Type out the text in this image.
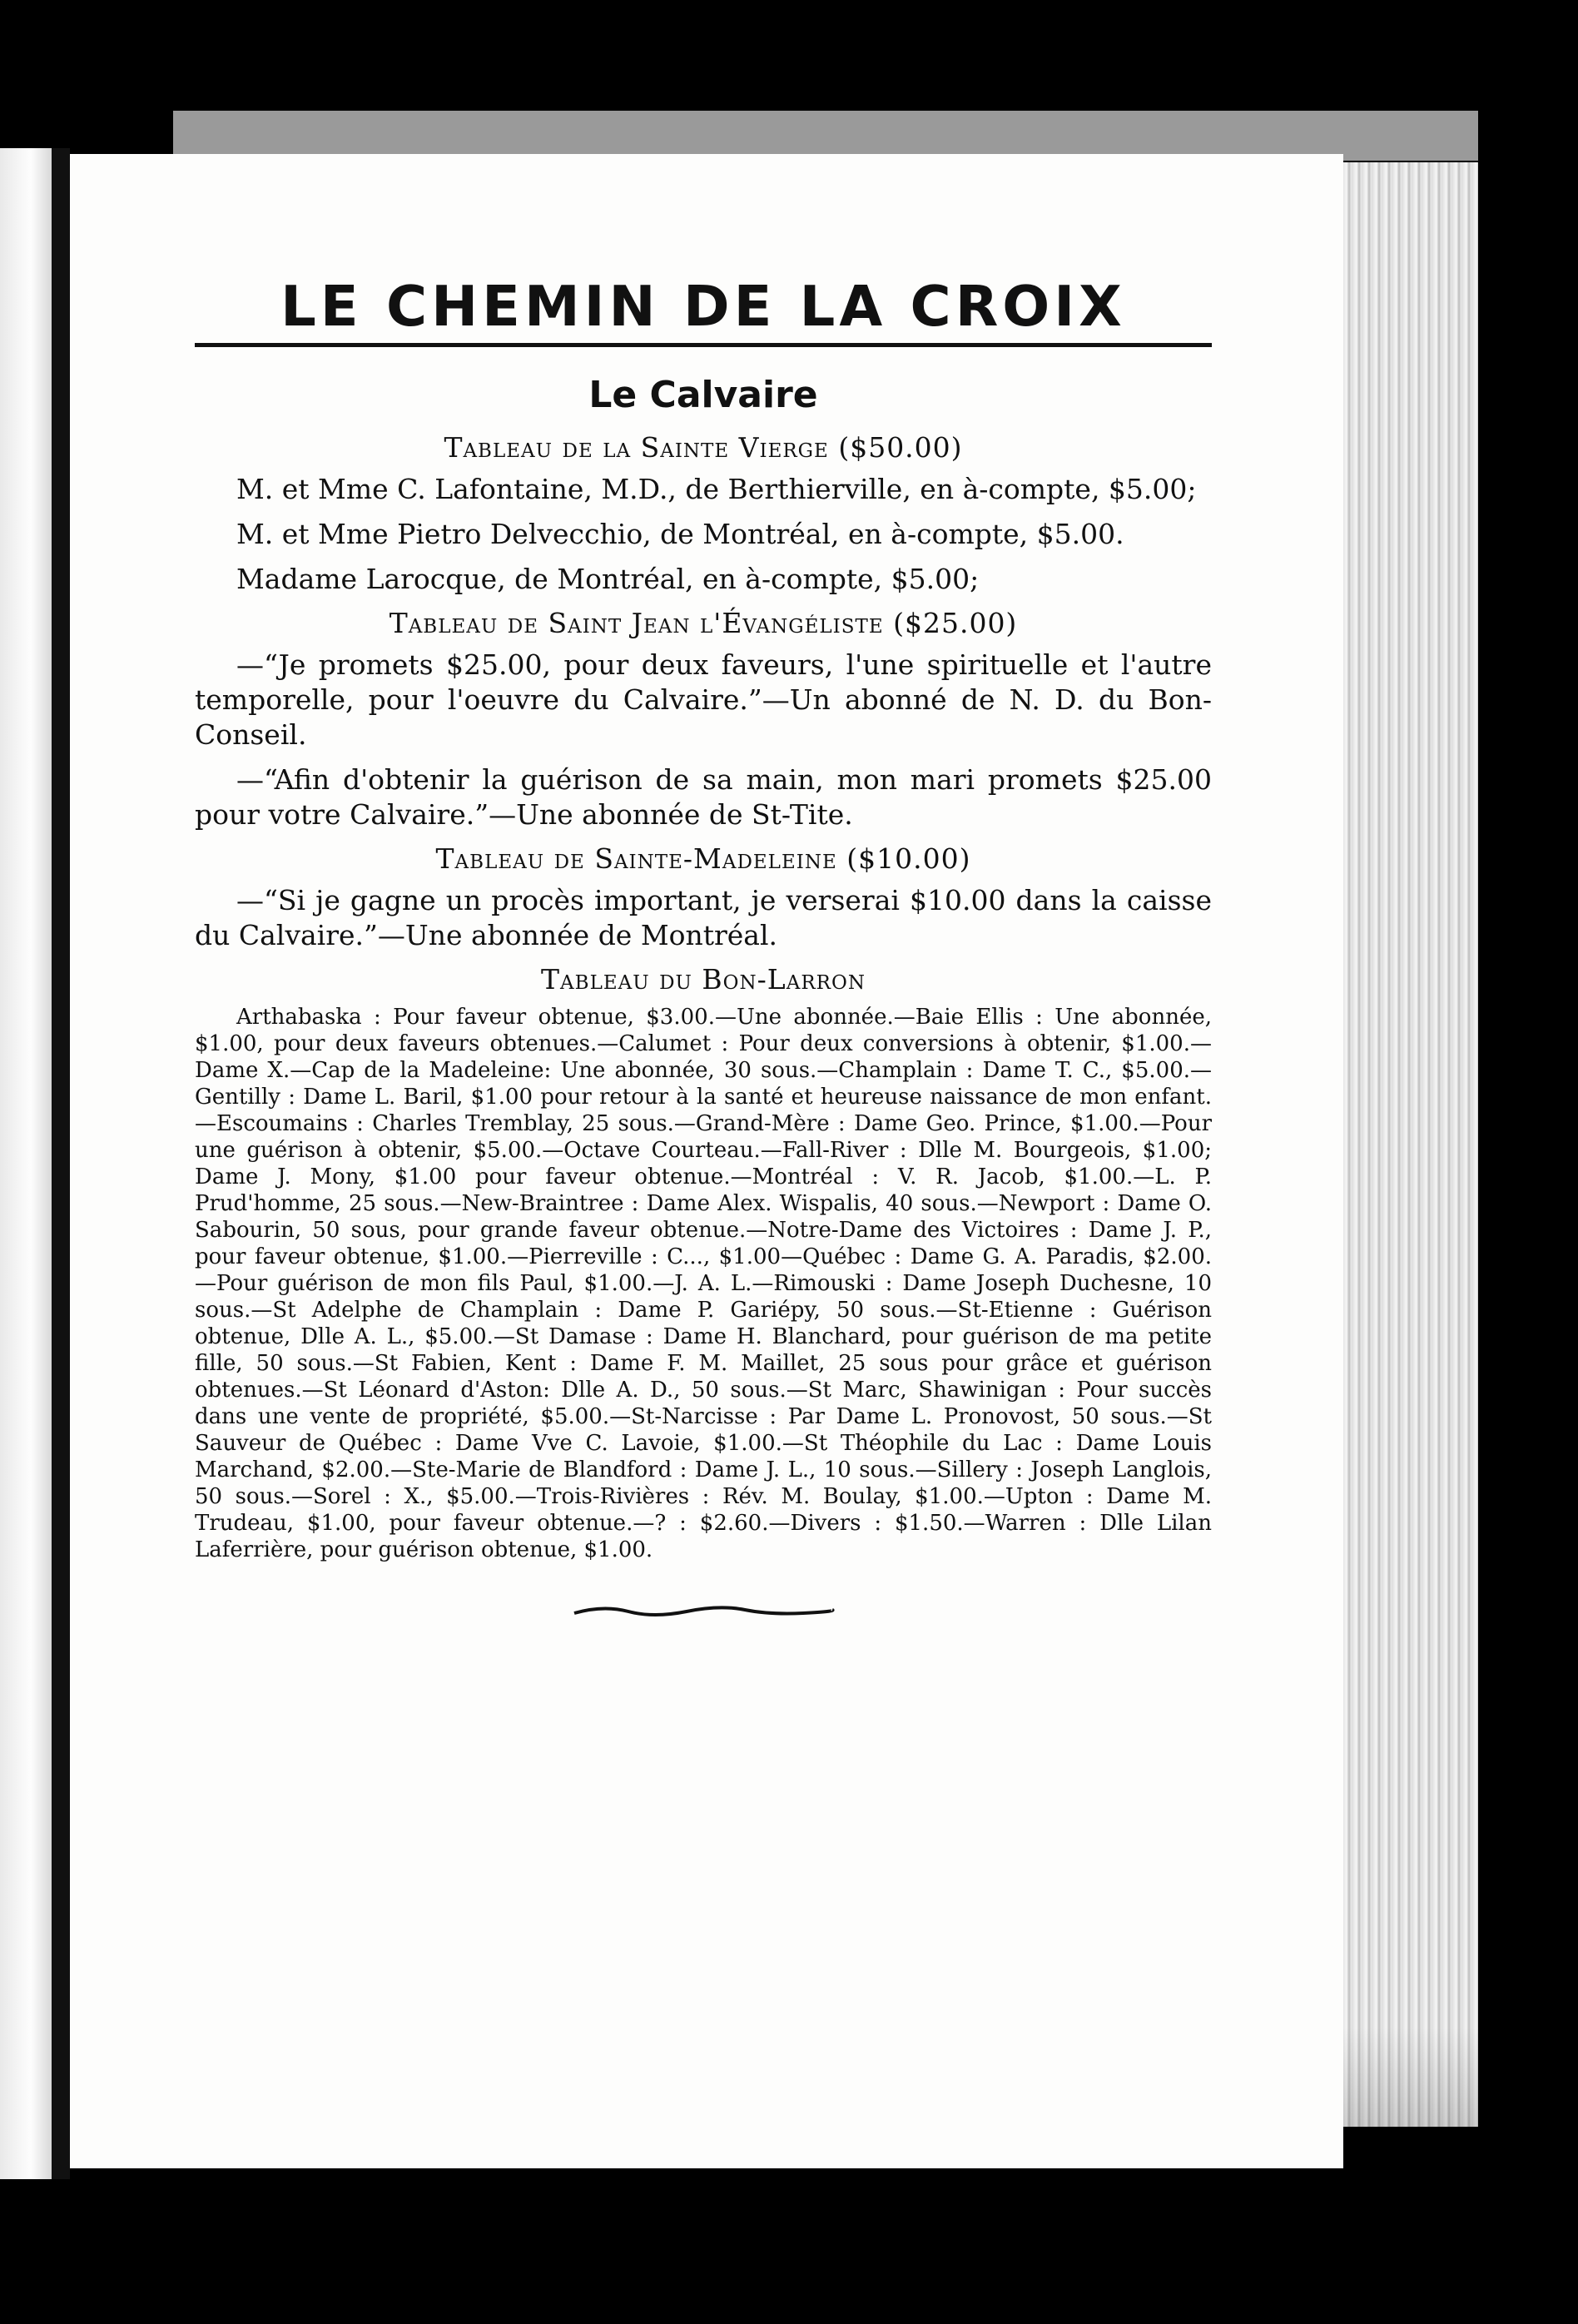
LE CHEMIN DE LA CROIX
Le Calvaire
Tableau de la Sainte Vierge ($50.00)

M. et Mme C. Lafontaine, M.D., de Berthierville, en à-compte, $5.00;

M. et Mme Pietro Delvecchio, de Montréal, en à-compte, $5.00.

Madame Larocque, de Montréal, en à-compte, $5.00;

Tableau de Saint Jean l'Évangéliste ($25.00)

—“Je promets $25.00, pour deux faveurs, l'une spirituelle et l'autre temporelle, pour l'oeuvre du Calvaire.”—Un abonné de N. D. du Bon-Conseil.

—“Afin d'obtenir la guérison de sa main, mon mari promets $25.00 pour votre Calvaire.”—Une abonnée de St-Tite.

Tableau de Sainte-Madeleine ($10.00)

—“Si je gagne un procès important, je verserai $10.00 dans la caisse du Calvaire.”—Une abonnée de Montréal.

Tableau du Bon-Larron

Arthabaska : Pour faveur obtenue, $3.00.—Une abonnée.—Baie Ellis : Une abonnée, $1.00, pour deux faveurs obtenues.—Calumet : Pour deux conversions à obtenir, $1.00.—Dame X.—Cap de la Madeleine: Une abonnée, 30 sous.—Champlain : Dame T. C., $5.00.—Gentilly : Dame L. Baril, $1.00 pour retour à la santé et heureuse naissance de mon enfant.—Escoumains : Charles Tremblay, 25 sous.—Grand-Mère : Dame Geo. Prince, $1.00.—Pour une guérison à obtenir, $5.00.—Octave Courteau.—Fall-River : Dlle M. Bourgeois, $1.00; Dame J. Mony, $1.00 pour faveur obtenue.—Montréal : V. R. Jacob, $1.00.—L. P. Prud'homme, 25 sous.—New-Braintree : Dame Alex. Wispalis, 40 sous.—Newport : Dame O. Sabourin, 50 sous, pour grande faveur obtenue.—Notre-Dame des Victoires : Dame J. P., pour faveur obtenue, $1.00.—Pierreville : C..., $1.00—Québec : Dame G. A. Paradis, $2.00.—Pour guérison de mon fils Paul, $1.00.—J. A. L.—Rimouski : Dame Joseph Duchesne, 10 sous.—St Adelphe de Champlain : Dame P. Gariépy, 50 sous.—St-Etienne : Guérison obtenue, Dlle A. L., $5.00.—St Damase : Dame H. Blanchard, pour guérison de ma petite fille, 50 sous.—St Fabien, Kent : Dame F. M. Maillet, 25 sous pour grâce et guérison obtenues.—St Léonard d'Aston: Dlle A. D., 50 sous.—St Marc, Shawinigan : Pour succès dans une vente de propriété, $5.00.—St-Narcisse : Par Dame L. Pronovost, 50 sous.—St Sauveur de Québec : Dame Vve C. Lavoie, $1.00.—St Théophile du Lac : Dame Louis Marchand, $2.00.—Ste-Marie de Blandford : Dame J. L., 10 sous.—Sillery : Joseph Langlois, 50 sous.—Sorel : X., $5.00.—Trois-Rivières : Rév. M. Boulay, $1.00.—Upton : Dame M. Trudeau, $1.00, pour faveur obtenue.—? : $2.60.—Divers : $1.50.—Warren : Dlle Lilan Laferrière, pour guérison obtenue, $1.00.
